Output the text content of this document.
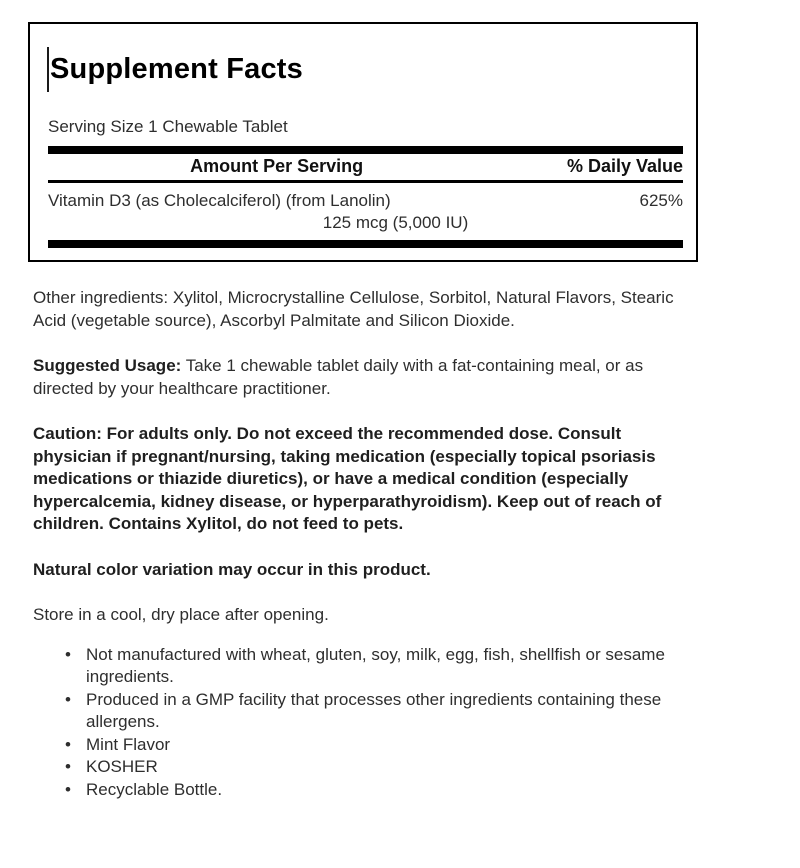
Supplement Facts
Serving Size 1 Chewable Tablet
Amount Per Serving	% Daily Value
Vitamin D3 (as Cholecalciferol) (from Lanolin)	625%
125 mcg (5,000 IU)

Other ingredients: Xylitol, Microcrystalline Cellulose, Sorbitol, Natural Flavors, Stearic Acid (vegetable source), Ascorbyl Palmitate and Silicon Dioxide.

Suggested Usage: Take 1 chewable tablet daily with a fat-containing meal, or as directed by your healthcare practitioner.

Caution: For adults only. Do not exceed the recommended dose. Consult physician if pregnant/nursing, taking medication (especially topical psoriasis medications or thiazide diuretics), or have a medical condition (especially hypercalcemia, kidney disease, or hyperparathyroidism). Keep out of reach of children. Contains Xylitol, do not feed to pets.

Natural color variation may occur in this product.

Store in a cool, dry place after opening.

• Not manufactured with wheat, gluten, soy, milk, egg, fish, shellfish or sesame ingredients.
• Produced in a GMP facility that processes other ingredients containing these allergens.
• Mint Flavor
• KOSHER
• Recyclable Bottle.
